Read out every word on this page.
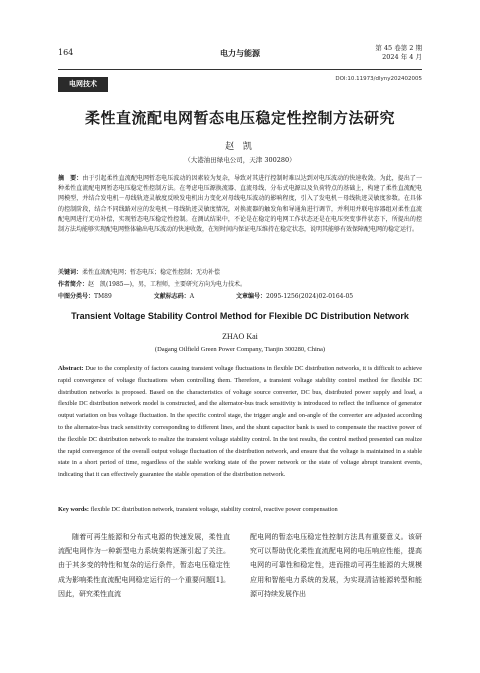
164	电力与能源
第 45 卷第 2 期
2024 年 4 月
电网技术
DOI:10.11973/dlyny202402005
柔性直流配电网暂态电压稳定性控制方法研究
赵 凯
（大港油田绿电公司，天津 300280）
摘　要：由于引起柔性直流配电网暂态电压波动的因素较为复杂，导致对其进行控制时难以达到对电压波动的快速收敛。为此，提出了一种柔性直流配电网暂态电压稳定性控制方法。在考虑电压源换流器、直流母线、分布式电源以及负荷特点的基础上，构建了柔性直流配电网模型，并结合发电机－母线轨迹灵敏度反映发电机出力变化对母线电压波动的影响程度，引入了发电机－母线轨迹灵敏度参数。在具体的控制阶段，结合不同线路对应的发电机－母线轨迹灵敏度情况，对换流器的触发角和导通角进行调节，并利用并联电容器组对柔性直流配电网进行无功补偿，实现暂态电压稳定性控制。在测试结果中，不论是在稳定的电网工作状态还是在电压突变事件状态下，所提出的控制方法均能够实现配电网整体输出电压波动的快速收敛，在短时间内保证电压维持在稳定状态，说明其能够有效保障配电网的稳定运行。
关键词：柔性直流配电网；暂态电压；稳定性控制；无功补偿
作者简介：赵　凯(1985—)，男，工程师，主要研究方向为电力技术。
中图分类号：TM89	文献标志码：A	文章编号：2095-1256(2024)02-0164-05
Transient Voltage Stability Control Method for Flexible DC Distribution Network
ZHAO Kai
(Dagang Oilfield Green Power Company, Tianjin 300280, China)
Abstract: Due to the complexity of factors causing transient voltage fluctuations in flexible DC distribution networks, it is difficult to achieve rapid convergence of voltage fluctuations when controlling them. Therefore, a transient voltage stability control method for flexible DC distribution networks is proposed. Based on the characteristics of voltage source converter, DC bus, distributed power supply and load, a flexible DC distribution network model is constructed, and the alternator-bus track sensitivity is introduced to reflect the influence of generator output variation on bus voltage fluctuation. In the specific control stage, the trigger angle and on-angle of the converter are adjusted according to the alternator-bus track sensitivity corresponding to different lines, and the shunt capacitor bank is used to compensate the reactive power of the flexible DC distribution network to realize the transient voltage stability control. In the test results, the control method presented can realize the rapid convergence of the overall output voltage fluctuation of the distribution network, and ensure that the voltage is maintained in a stable state in a short period of time, regardless of the stable working state of the power network or the state of voltage abrupt transient events, indicating that it can effectively guarantee the stable operation of the distribution network.
Key words: flexible DC distribution network, transient voltage, stability control, reactive power compensation

随着可再生能源和分布式电源的快速发展，柔性直流配电网作为一种新型电力系统架构逐渐引起了关注。由于其多变的特性和复杂的运行条件，暂态电压稳定性成为影响柔性直流配电网稳定运行的一个重要问题[1]。因此，研究柔性直流

配电网的暂态电压稳定性控制方法具有重要意义。该研究可以帮助优化柔性直流配电网的电压响应性能，提高电网的可靠性和稳定性，进而推动可再生能源的大规模应用和智能电力系统的发展，为实现清洁能源转型和能源可持续发展作出
